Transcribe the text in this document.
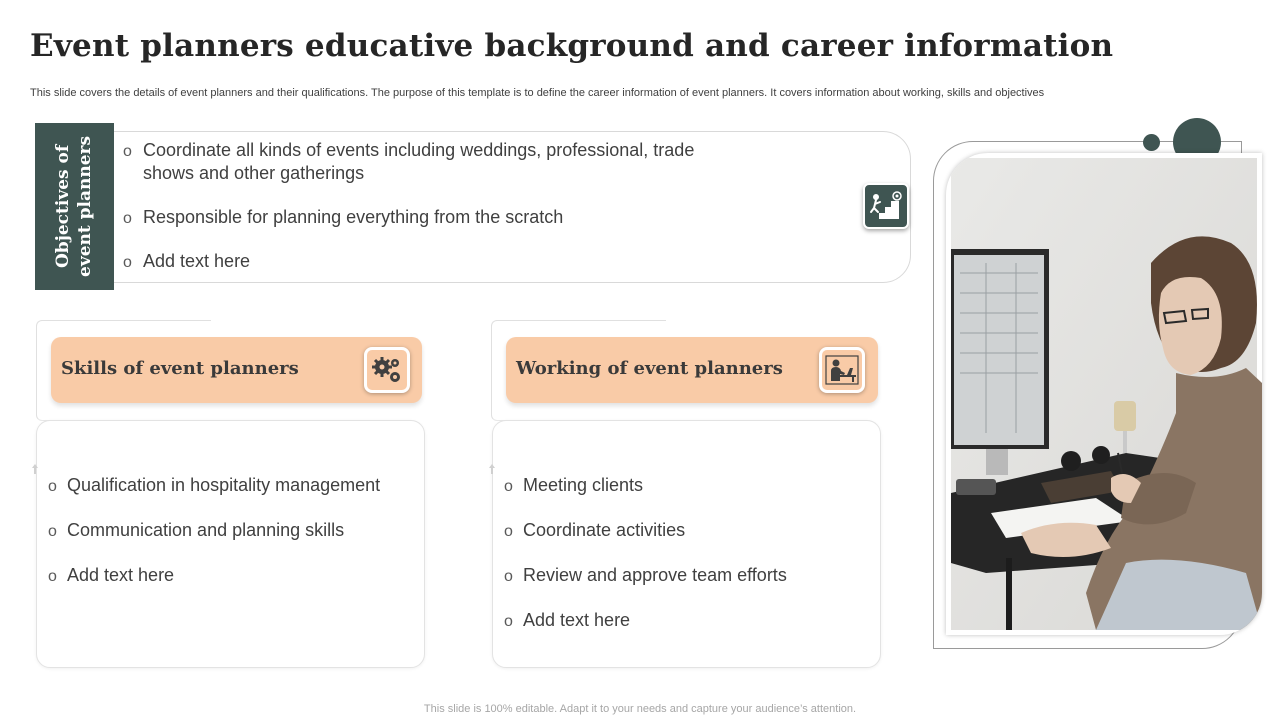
Event planners educative background and career information
This slide covers the details of event planners and their qualifications. The purpose of this template is to define the career information of event planners. It covers information about working, skills and objectives
Objectives of event planners o Coordinate all kinds of events including weddings, professional, trade shows and other gatherings
o Responsible for planning everything from the scratch
o Add text here
Skills of event planners
o Qualification in hospitality management
o Communication and planning skills
o Add text here
Working of event planners
o Meeting clients
o Coordinate activities
o Review and approve team efforts
o Add text here
This slide is 100% editable. Adapt it to your needs and capture your audience’s attention.
